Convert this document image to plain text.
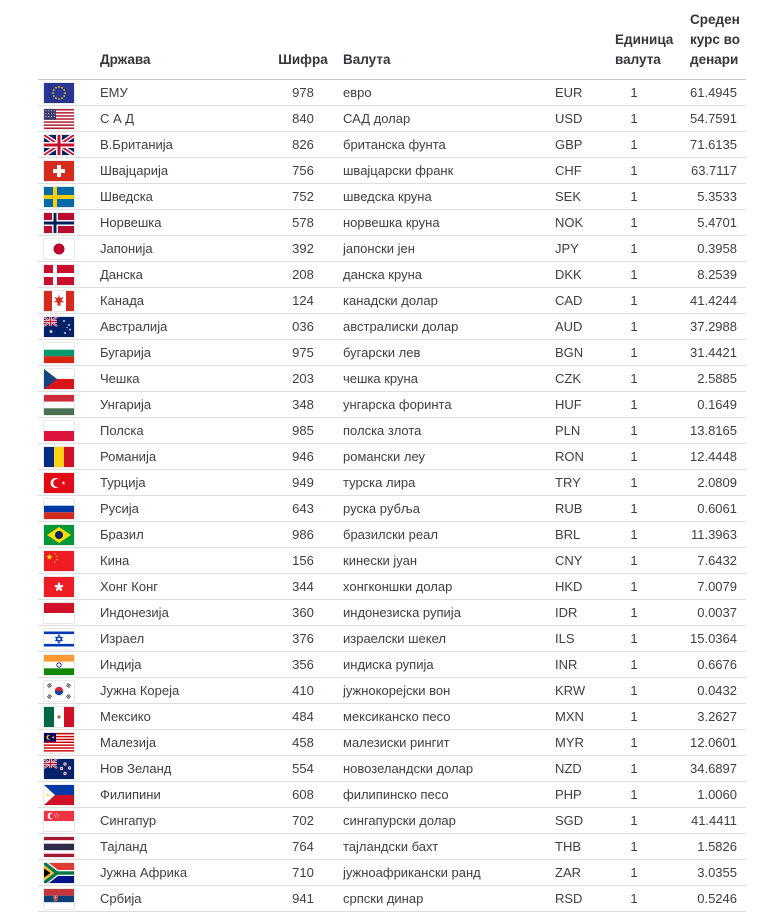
	Држава	Шифра	Валута		Единица валута	Среден курс во денари

	ЕМУ	978	евро	EUR	1	61.4945

	С А Д	840	САД долар	USD	1	54.7591

	В.Британија	826	британска фунта	GBP	1	71.6135

	Швајцарија	756	швајцарски франк	CHF	1	63.7117

	Шведска	752	шведска круна	SEK	1	5.3533

	Норвешка	578	норвешка круна	NOK	1	5.4701

	Јапонија	392	јапонски јен	JPY	1	0.3958

	Данска	208	данска круна	DKK	1	8.2539

	Канада	124	канадски долар	CAD	1	41.4244

	Австралија	036	австралиски долар	AUD	1	37.2988

	Бугарија	975	бугарски лев	BGN	1	31.4421

	Чешка	203	чешка круна	CZK	1	2.5885

	Унгарија	348	унгарска форинта	HUF	1	0.1649

	Полска	985	полска злота	PLN	1	13.8165

	Романија	946	романски леу	RON	1	12.4448

	Турција	949	турска лира	TRY	1	2.0809

	Русија	643	руска рубља	RUB	1	0.6061

	Бразил	986	бразилски реал	BRL	1	11.3963

	Кина	156	кинески јуан	CNY	1	7.6432

	Хонг Конг	344	хонгконшки долар	HKD	1	7.0079

	Индонезија	360	индонезиска рупија	IDR	1	0.0037

	Израел	376	израелски шекел	ILS	1	15.0364

	Индија	356	индиска рупија	INR	1	0.6676

	Јужна Кореја	410	јужнокорејски вон	KRW	1	0.0432

	Мексико	484	мексиканско песо	MXN	1	3.2627

	Малезија	458	малезиски рингит	MYR	1	12.0601

	Нов Зеланд	554	новозеландски долар	NZD	1	34.6897

	Филипини	608	филипинско песо	PHP	1	1.0060

	Сингапур	702	сингапурски долар	SGD	1	41.4411

	Тајланд	764	тајландски бахт	THB	1	1.5826

	Јужна Африка	710	јужноафрикански ранд	ZAR	1	3.0355

	Србија	941	српски динар	RSD	1	0.5246
